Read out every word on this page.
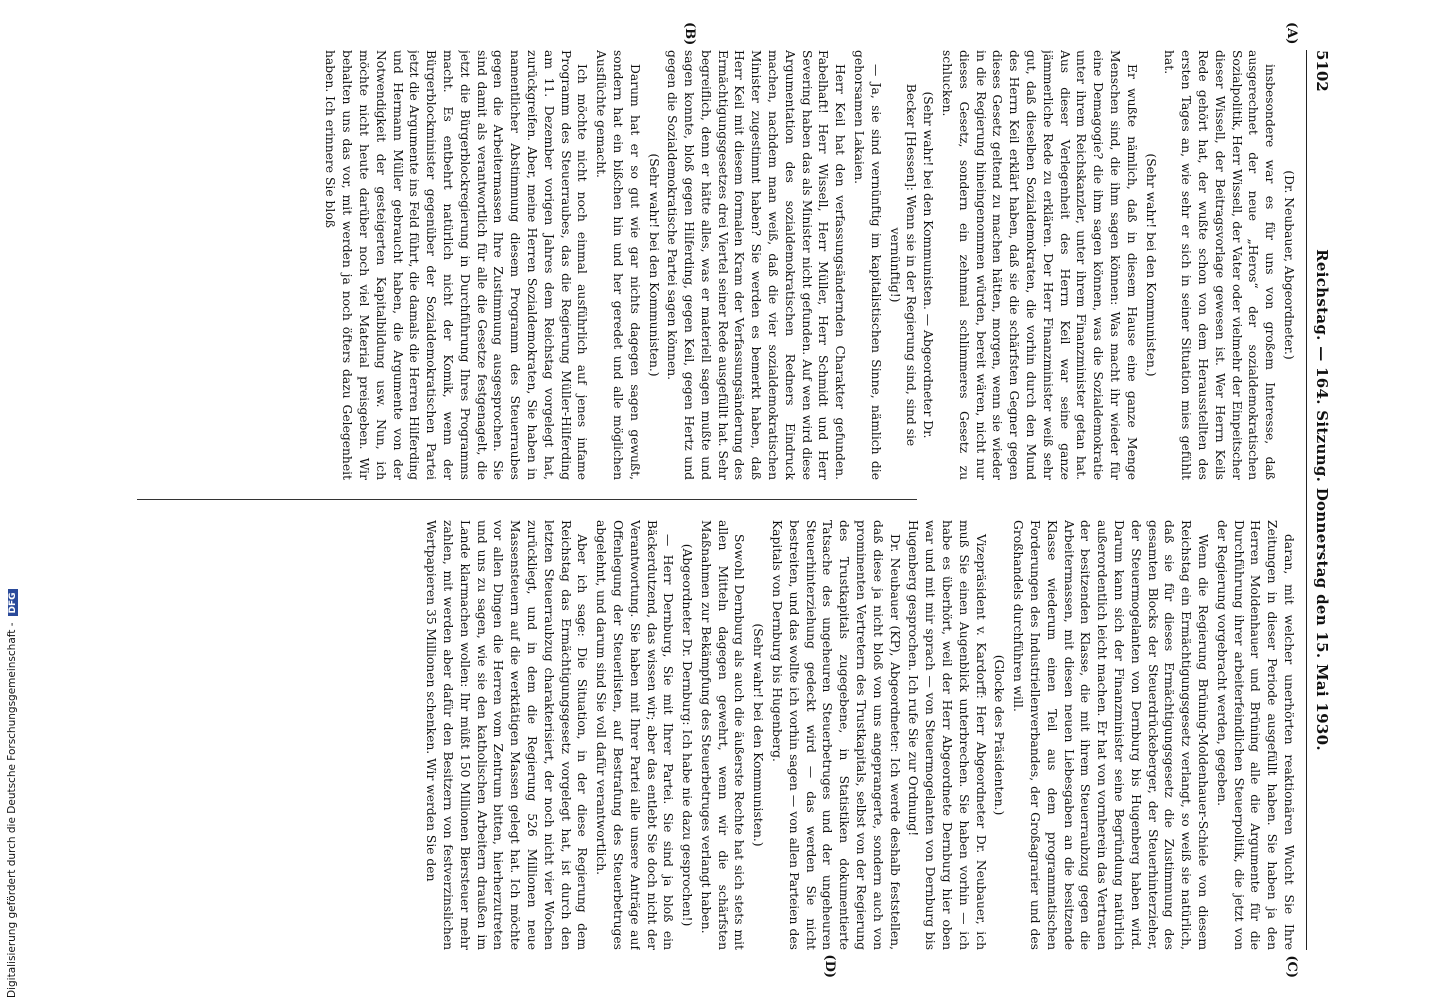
5102
Reichstag. — 164. Sitzung. Donnerstag den 15. Mai 1930.
(A)
(B)
(C)
(D)

(Dr. Neubauer, Abgeordneter.)

insbesondere war es für uns von großem Interesse, daß ausgerechnet der neue „Heros“ der sozialdemokratischen Sozialpolitik, Herr Wissell, der Vater oder vielmehr der Einpeitscher dieser Wissell, der Beitragsvorlage gewesen ist. Wer Herrn Keils Rede gehört hat, der wußte schon von dem Herausstellten des ersten Tages an, wie sehr er sich in seiner Situation mies gefühlt hat.

(Sehr wahr! bei den Kommunisten.)

Er wußte nämlich, daß in diesem Hause eine ganze Menge Menschen sind, die ihm sagen können: Was macht ihr wieder für eine Demagogie? die ihm sagen können, was die Sozialdemokratie unter ihrem Reichskanzler, unter ihrem Finanzminister getan hat. Aus dieser Verlegenheit des Herrn Keil war seine ganze jämmerliche Rede zu erklären. Der Herr Finanzminister weiß sehr gut, daß dieselben Sozialdemokraten, die vorhin durch den Mund des Herrn Keil erklärt haben, daß sie die schärfsten Gegner gegen dieses Gesetz geltend zu machen hätten, morgen, wenn sie wieder in die Regierung hineingenommen würden, bereit wären, nicht nur dieses Gesetz, sondern ein zehnmal schlimmeres Gesetz zu schlucken.

(Sehr wahr! bei den Kommunisten. — Abgeordneter Dr. Becker [Hessen]: Wenn sie in der Regierung sind, sind sie vernünftig!)

— Ja, sie sind vernünftig im kapitalistischen Sinne, nämlich die gehorsamen Lakaien.

Herr Keil hat den verfassungsändernden Charakter gefunden. Fabelhaft! Herr Wissell, Herr Müller, Herr Schmidt und Herr Severing haben das als Minister nicht gefunden. Auf wen wird diese Argumentation des sozialdemokratischen Redners Eindruck machen, nachdem man weiß, daß die vier sozialdemokratischen Minister zugestimmt haben? Sie werden es bemerkt haben, daß Herr Keil mit diesem formalen Kram der Verfassungsänderung des Ermächtigungsgesetzes drei Viertel seiner Rede ausgefüllt hat. Sehr begreiflich, denn er hätte alles, was er materiell sagen mußte und sagen konnte, bloß gegen Hilferding, gegen Keil, gegen Hertz und gegen die Sozialdemokratische Partei sagen können.

(Sehr wahr! bei den Kommunisten.)

Darum hat er so gut wie gar nichts dagegen sagen gewußt, sondern hat ein bißchen hin und her geredet und alle möglichen Ausflüchte gemacht.

Ich möchte nicht noch einmal ausführlich auf jenes infame Programm des Steuerraubes, das die Regierung Müller-Hilferding am 11. Dezember vorigen Jahres dem Reichstag vorgelegt hat, zurückgreifen. Aber, meine Herren Sozialdemokraten, Sie haben in namentlicher Abstimmung diesem Programm des Steuerraubes gegen die Arbeitermassen Ihre Zustimmung ausgesprochen. Sie sind damit als verantwortlich für alle die Gesetze festgenagelt, die jetzt die Bürgerblockregierung in Durchführung Ihres Programms macht. Es entbehrt natürlich nicht der Komik, wenn der Bürgerblockminister gegenüber der Sozialdemokratischen Partei jetzt die Argumente ins Feld führt, die damals die Herren Hilferding und Hermann Müller gebraucht haben, die Argumente von der Notwendigkeit der gesteigerten Kapitalbildung usw. Nun, ich möchte nicht heute darüber noch viel Material preisgeben. Wir behalten uns das vor, mit werden ja noch öfters dazu Gelegenheit haben. Ich erinnere Sie bloß

daran, mit welcher unerhörten reaktionären Wucht Sie Ihre Zeitungen in dieser Periode ausgefüllt haben. Sie haben ja den Herren Moldenhauer und Brüning alle die Argumente für die Durchführung ihrer arbeiterfeindlichen Steuerpolitik, die jetzt von der Regierung vorgebracht werden, gegeben.

Wenn die Regierung Brüning-Moldenhauer-Schiele von diesem Reichstag ein Ermächtigungsgesetz verlangt, so weiß sie natürlich, daß sie für dieses Ermächtigungsgesetz die Zustimmung des gesamten Blocks der Steuerdrückeberger, der Steuerhinterzieher, der Steuermogelanten von Dernburg bis Hugenberg haben wird. Darum kann sich der Finanzminister seine Begründung natürlich außerordentlich leicht machen. Er hat von vornherein das Vertrauen der besitzenden Klasse, die mit ihrem Steuerraubzug gegen die Arbeitermassen, mit diesen neuen Liebesgaben an die besitzende Klasse wiederum einen Teil aus dem programmatischen Forderungen des Industriellenverbandes, der Großagrarier und des Großhandels durchführen will.

(Glocke des Präsidenten.)

Vizepräsident v. Kardorff: Herr Abgeordneter Dr. Neubauer, ich muß Sie einen Augenblick unterbrechen. Sie haben vorhin — ich habe es überhört, weil der Herr Abgeordnete Dernburg hier oben war und mit mir sprach — von Steuermogelanten von Dernburg bis Hugenberg gesprochen. Ich rufe Sie zur Ordnung!

Dr. Neubauer (KP), Abgeordneter: Ich werde deshalb feststellen, daß diese ja nicht bloß von uns angeprangerte, sondern auch von prominenten Vertretern des Trustkapitals, selbst von der Regierung des Trustkapitals zugegebene, in Statistiken dokumentierte Tatsache des ungeheuren Steuerbetruges und der ungeheuren Steuerhinterziehung gedeckt wird — das werden Sie nicht bestreiten, und das wollte ich vorhin sagen — von allen Parteien des Kapitals von Dernburg bis Hugenberg.

(Sehr wahr! bei den Kommunisten.)

Sowohl Dernburg als auch die äußerste Rechte hat sich stets mit allen Mitteln dagegen gewehrt, wenn wir die schärfsten Maßnahmen zur Bekämpfung des Steuerbetruges verlangt haben.

(Abgeordneter Dr. Dernburg: Ich habe nie dazu gesprochen!)

— Herr Dernburg, Sie mit Ihrer Partei. Sie sind ja bloß ein Bäckerdutzend, das wissen wir; aber das entlebt Sie doch nicht der Verantwortung. Sie haben mit Ihrer Partei alle unsere Anträge auf Offenlegung der Steuerlisten, auf Bestrafung des Steuerbetruges abgelehnt, und darum sind Sie voll dafür verantwortlich.

Aber ich sage: Die Situation, in der diese Regierung dem Reichstag das Ermächtigungsgesetz vorgelegt hat, ist durch den letzten Steuerraubzug charakterisiert, der noch nicht vier Wochen zurückliegt, und in dem die Regierung 526 Millionen neue Massensteuern auf die werktätigen Massen gelegt hat. Ich möchte vor allen Dingen die Herren vom Zentrum bitten, hierherzutreten und uns zu sagen, wie sie den katholischen Arbeitern draußen im Lande klarmachen wollen: Ihr müßt 150 Millionen Biersteuer mehr zahlen, mit werden aber dafür den Besitzern von festverzinslichen Wertpapieren 35 Millionen schenken. Wir werden Sie den

Digitalisierung gefördert durch die Deutsche Forschungsgemeinschaft -DFG
